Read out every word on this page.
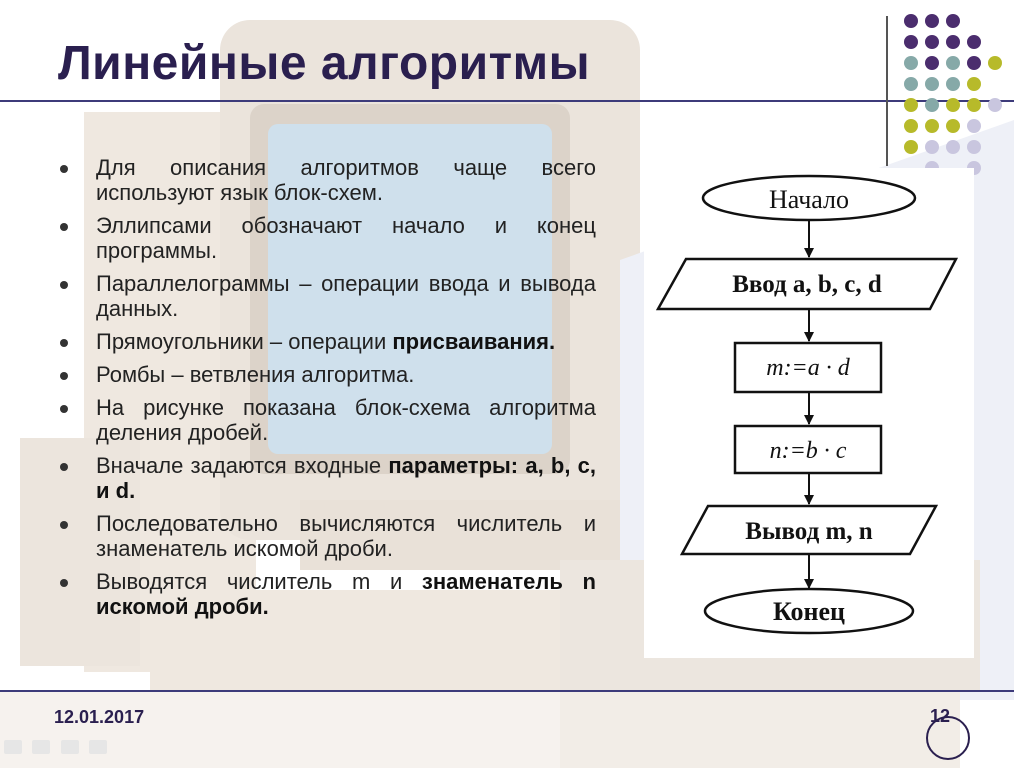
Линейные алгоритмы
Для описания алгоритмов чаще всего используют язык блок-схем.
Эллипсами обозначают начало и конец программы.
Параллелограммы – операции ввода и вывода данных.
Прямоугольники – операции присваивания.
Ромбы – ветвления алгоритма.
На рисунке показана блок-схема алгоритма деления дробей.
Вначале задаются входные параметры: a, b, c, и d.
Последовательно вычисляются числитель и знаменатель искомой дроби.
Выводятся числитель m и знаменатель n искомой дроби.
Начало
Ввод a, b, c, d
m:=a · d
n:=b · c
Вывод m, n
Конец
12.01.2017	12
